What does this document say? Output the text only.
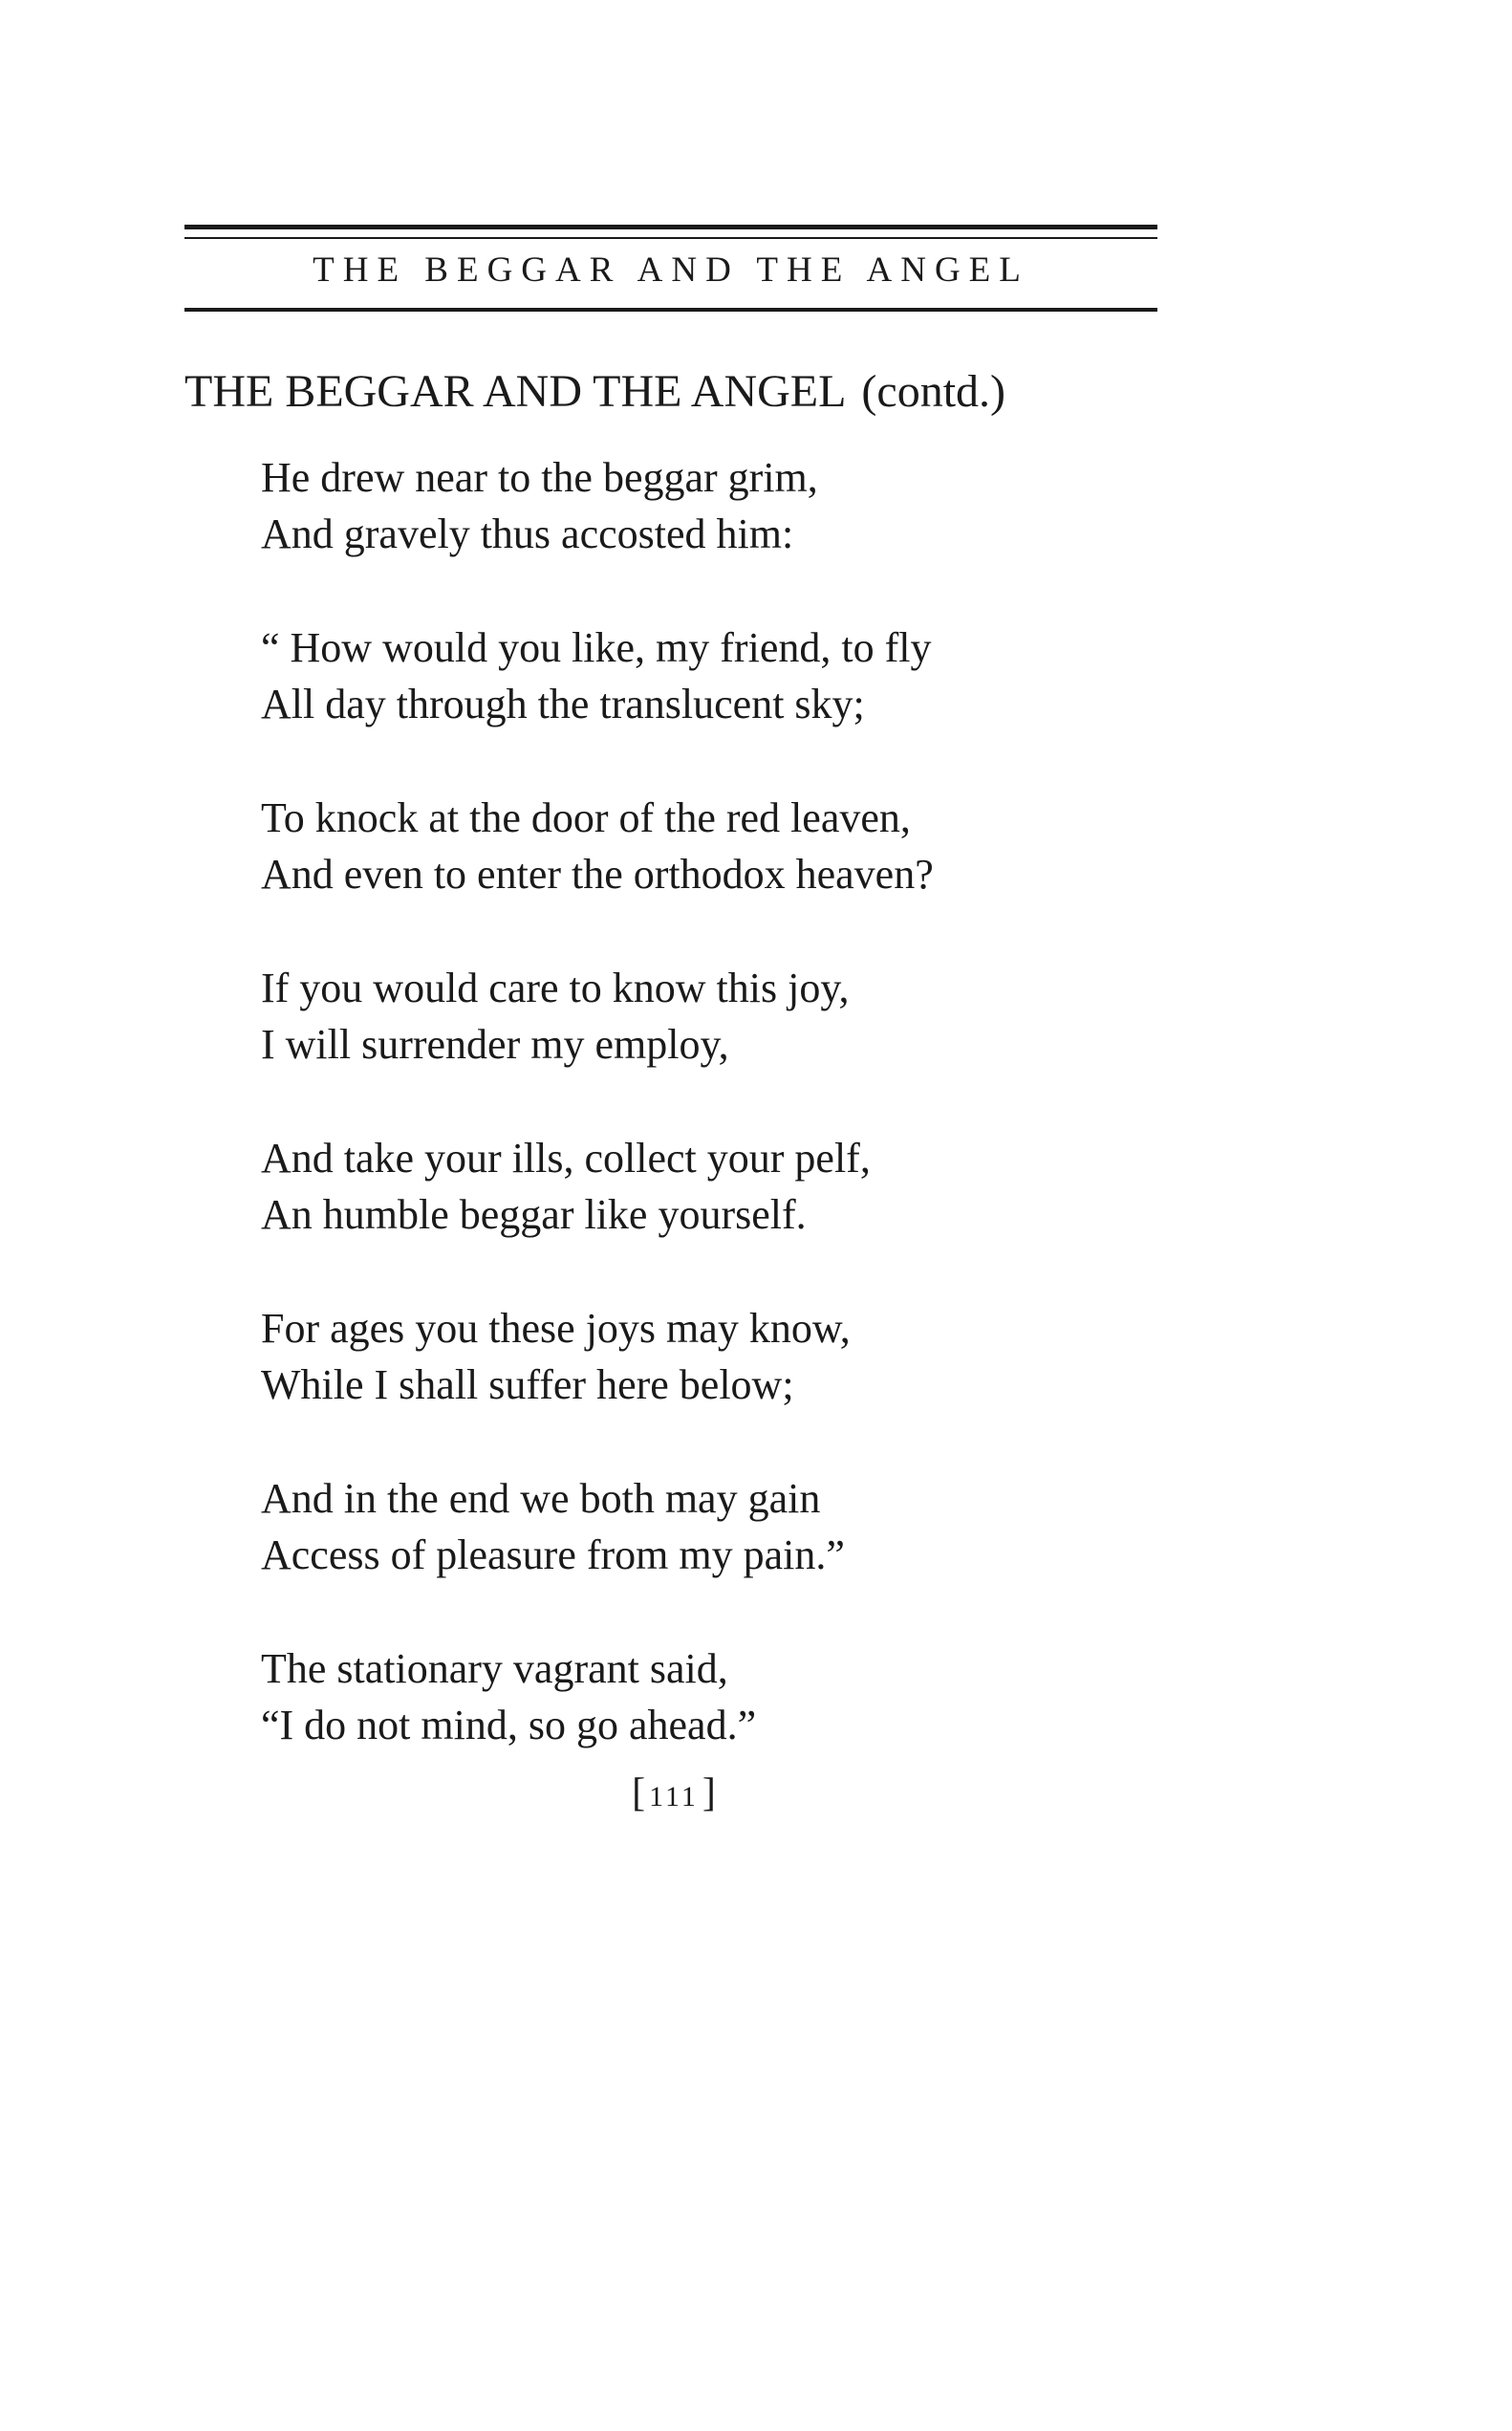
THE BEGGAR AND THE ANGEL
THE BEGGAR AND THE ANGEL (contd.)
He drew near to the beggar grim,
And gravely thus accosted him:
“ How would you like, my friend, to fly
All day through the translucent sky;
To knock at the door of the red leaven,
And even to enter the orthodox heaven?
If you would care to know this joy,
I will surrender my employ,
And take your ills, collect your pelf,
An humble beggar like yourself.
For ages you these joys may know,
While I shall suffer here below;
And in the end we both may gain
Access of pleasure from my pain.”
The stationary vagrant said,
“I do not mind, so go ahead.”
[ 111]
